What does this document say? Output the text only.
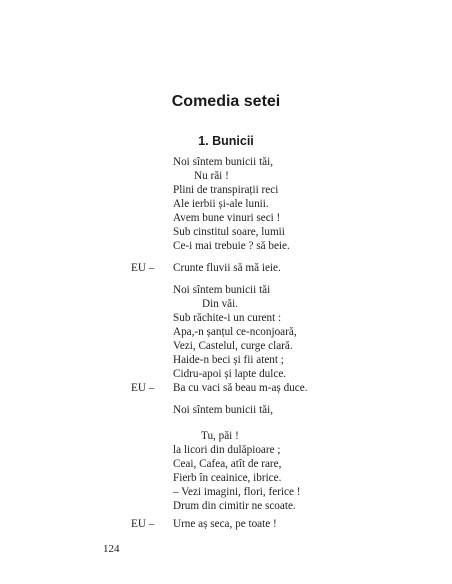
Comedia setei
1. Bunicii
Noi sîntem bunicii tăi,
Nu răi !
Plini de transpirații reci
Ale ierbii și-ale lunii.
Avem bune vinuri seci !
Sub cinstitul soare, lumii
Ce-i mai trebuie ? să beie.
EU – Crunte fluvii să mă ieie.
Noi sîntem bunicii tăi
Din văi.
Sub răchite-i un curent :
Apa,-n șanțul ce-nconjoară,
Vezi, Castelul, curge clară.
Haide-n beci și fii atent ;
Cidru-apoi și lapte dulce.
EU – Ba cu vaci să beau m-aș duce.
Noi sîntem bunicii tăi,
Tu, păi !
la licori din dulăpioare ;
Ceai, Cafea, atît de rare,
Fierb în ceainice, ibrice.
– Vezi imagini, flori, ferice !
Drum din cimitir ne scoate.
EU – Urne aș seca, pe toate !
124
